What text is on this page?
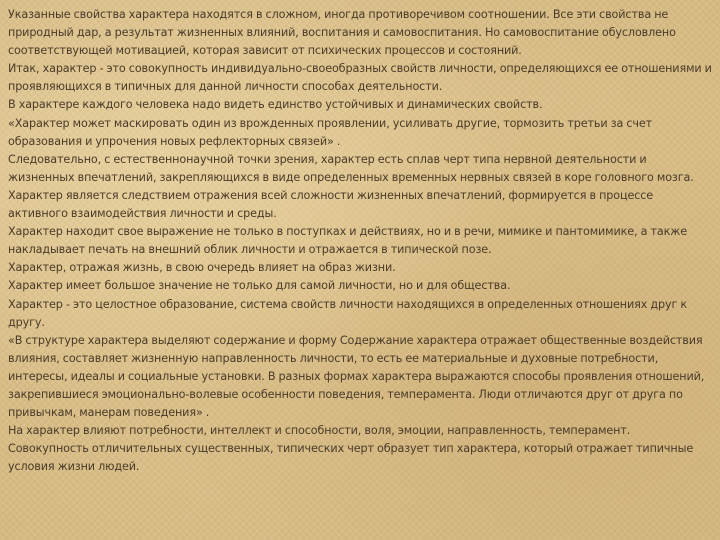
Указанные свойства характера находятся в сложном, иногда противоречивом соотношении. Все эти свойства не природный дар, а результат жизненных влияний, воспитания и самовоспитания. Но самовоспитание обусловлено соответствующей мотивацией, которая зависит от психических процессов и состояний.

Итак, характер - это совокупность индивидуально-своеобразных свойств личности, определяющихся ее отношениями и проявляющихся в типичных для данной личности способах деятельности.

В характере каждого человека надо видеть единство устойчивых и динамических свойств.

«Характер может маскировать один из врожденных проявлении, усиливать другие, тормозить третьи за счет образования и упрочения новых рефлекторных связей» .

Следовательно, с естественнонаучной точки зрения, характер есть сплав черт типа нервной деятельности и жизненных впечатлений, закрепляющихся в виде определенных временных нервных связей в коре головного мозга.

Характер является следствием отражения всей сложности жизненных впечатлений, формируется в процессе активного взаимодействия личности и среды.

Характер находит свое выражение не только в поступках и действиях, но и в речи, мимике и пантомимике, а также накладывает печать на внешний облик личности и отражается в типической позе.

Характер, отражая жизнь, в свою очередь влияет на образ жизни.

Характер имеет большое значение не только для самой личности, но и для общества.

Характер - это целостное образование, система свойств личности находящихся в определенных отношениях друг к другу.

«В структуре характера выделяют содержание и форму Содержание характера отражает общественные воздействия влияния, составляет жизненную направленность личности, то есть ее материальные и духовные потребности, интересы, идеалы и социальные установки. В разных формах характера выражаются способы проявления отношений, закрепившиеся эмоционально-волевые особенности поведения, темперамента. Люди отличаются друг от друга по привычкам, манерам поведения» .

На характер влияют потребности, интеллект и способности, воля, эмоции, направленность, темперамент.

Совокупность отличительных существенных, типических черт образует тип характера, который отражает типичные условия жизни людей.
